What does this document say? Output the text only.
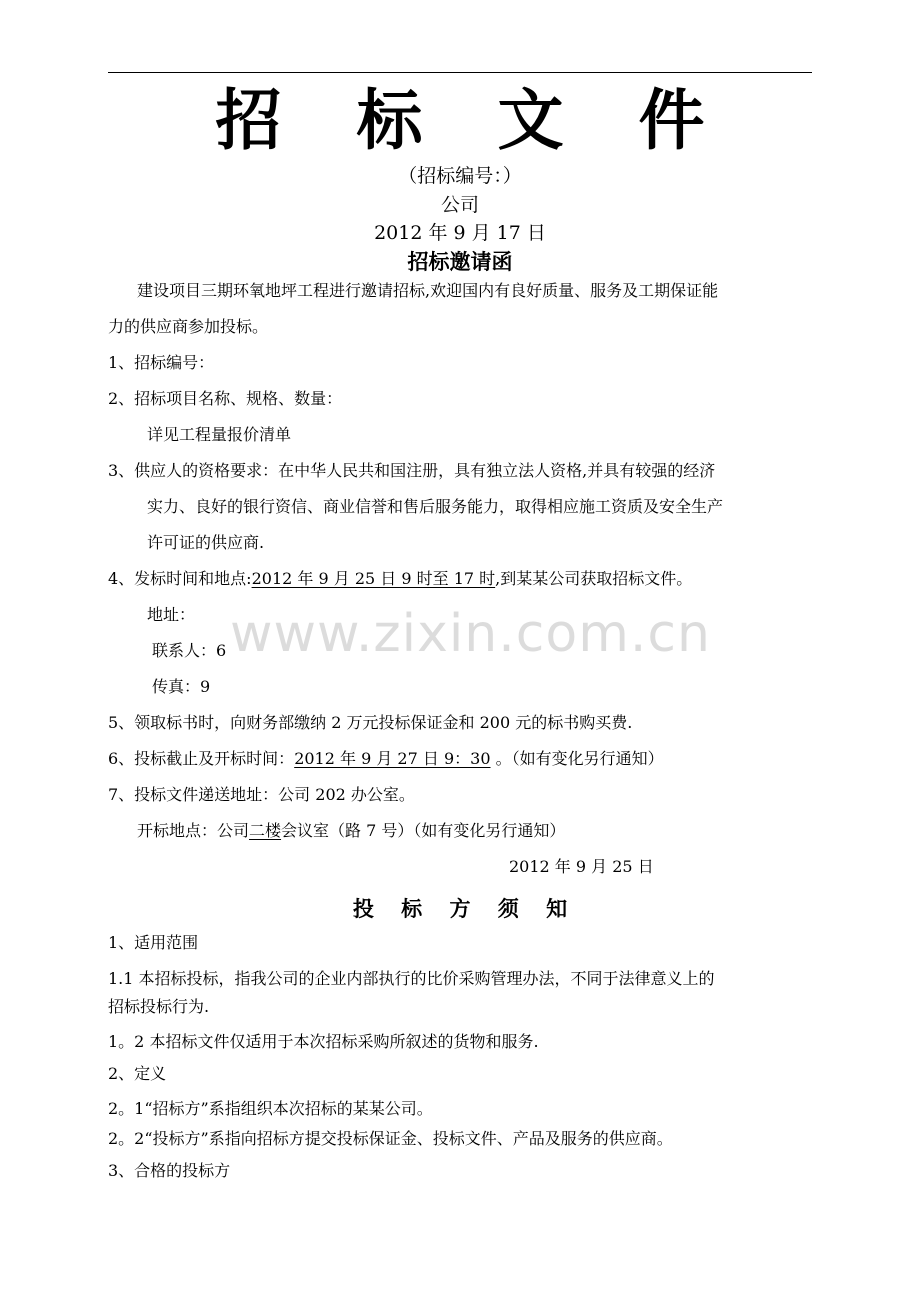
招 标 文 件
（招标编号：）
公司
2012 年 9 月 17 日
招标邀请函
建设项目三期环氧地坪工程进行邀请招标,欢迎国内有良好质量、服务及工期保证能
力的供应商参加投标。
1、招标编号：
2、招标项目名称、规格、数量：
详见工程量报价清单
3、供应人的资格要求：在中华人民共和国注册，具有独立法人资格,并具有较强的经济
实力、良好的银行资信、商业信誉和售后服务能力，取得相应施工资质及安全生产
许可证的供应商.
4、发标时间和地点:2012 年 9 月 25 日 9 时至 17 时,到某某公司获取招标文件。
地址：
联系人：6
传真：9
5、领取标书时，向财务部缴纳 2 万元投标保证金和 200 元的标书购买费.
6、投标截止及开标时间：2012 年 9 月 27 日 9：30 。（如有变化另行通知）
7、投标文件递送地址：公司 202 办公室。
开标地点：公司二楼会议室（路 7 号）（如有变化另行通知）
2012 年 9 月 25 日
投 标 方 须 知
1、适用范围
1.1 本招标投标，指我公司的企业内部执行的比价采购管理办法，不同于法律意义上的
招标投标行为.
1。2 本招标文件仅适用于本次招标采购所叙述的货物和服务.
2、定义
2。1“招标方”系指组织本次招标的某某公司。
2。2“投标方”系指向招标方提交投标保证金、投标文件、产品及服务的供应商。
3、合格的投标方
www.zixin.com.cn
